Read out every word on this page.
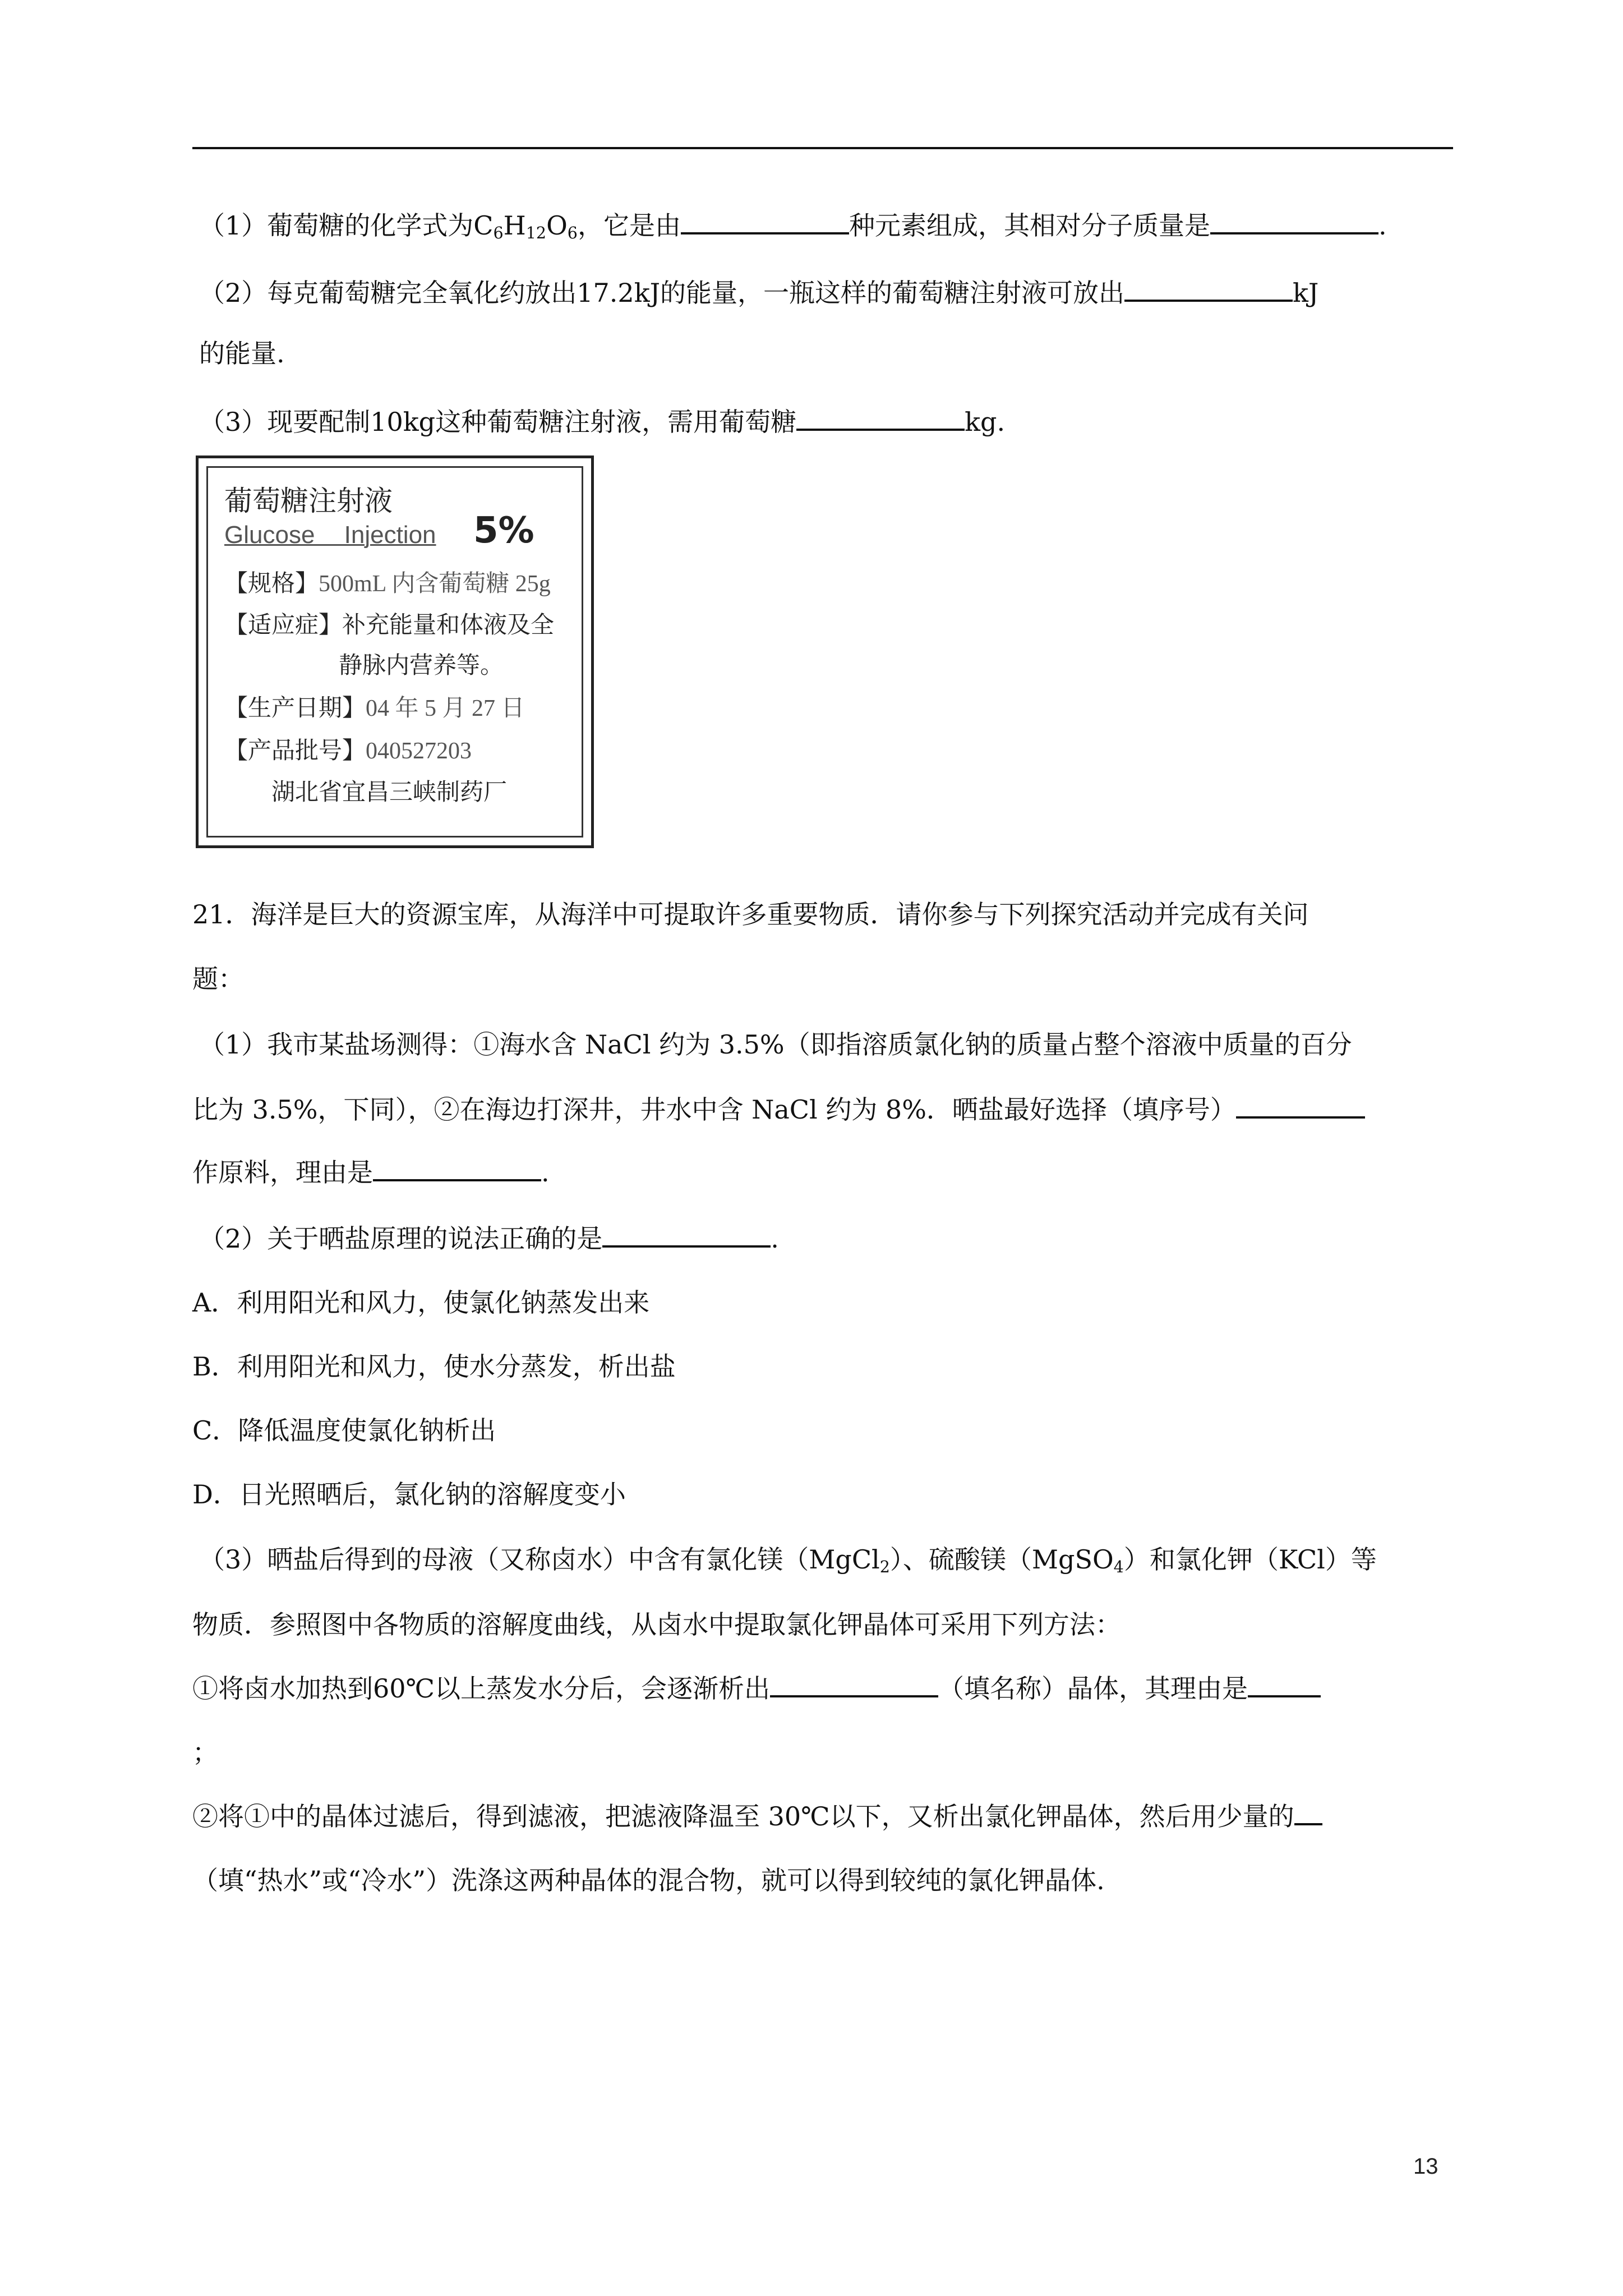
（1）葡萄糖的化学式为$C_6H_{12}O_6$，它是由	种元素组成，其相对分子质量是	.
（2）每克葡萄糖完全氧化约放出17.2kJ的能量，一瓶这样的葡萄糖注射液可放出	kJ
的能量.
（3）现要配制10kg这种葡萄糖注射液，需用葡萄糖	kg.
葡萄糖注射液
Glucose Injection 5%
【规格】500mL 内含葡萄糖 25g
【适应症】补充能量和体液及全
静脉内营养等。
【生产日期】04 年 5 月 27 日
【产品批号】040527203
湖北省宜昌三峡制药厂
21．海洋是巨大的资源宝库，从海洋中可提取许多重要物质．请你参与下列探究活动并完成有关问
题：
（1）我市某盐场测得：①海水含 NaCl 约为 3.5%（即指溶质氯化钠的质量占整个溶液中质量的百分
比为 3.5%，下同），②在海边打深井，井水中含 NaCl 约为 8%．晒盐最好选择（填序号）
作原料，理由是	.
（2）关于晒盐原理的说法正确的是	.
A．利用阳光和风力，使氯化钠蒸发出来
B．利用阳光和风力，使水分蒸发，析出盐
C．降低温度使氯化钠析出
D．日光照晒后，氯化钠的溶解度变小
（3）晒盐后得到的母液（又称卤水）中含有氯化镁（MgCl$_2$）、硫酸镁（MgSO$_4$）和氯化钾（KCl）等
物质．参照图中各物质的溶解度曲线，从卤水中提取氯化钾晶体可采用下列方法：
①将卤水加热到60℃以上蒸发水分后，会逐渐析出	（填名称）晶体，其理由是
；
②将①中的晶体过滤后，得到滤液，把滤液降温至 30℃以下，又析出氯化钾晶体，然后用少量的
（填“热水”或“冷水”）洗涤这两种晶体的混合物，就可以得到较纯的氯化钾晶体.
13
